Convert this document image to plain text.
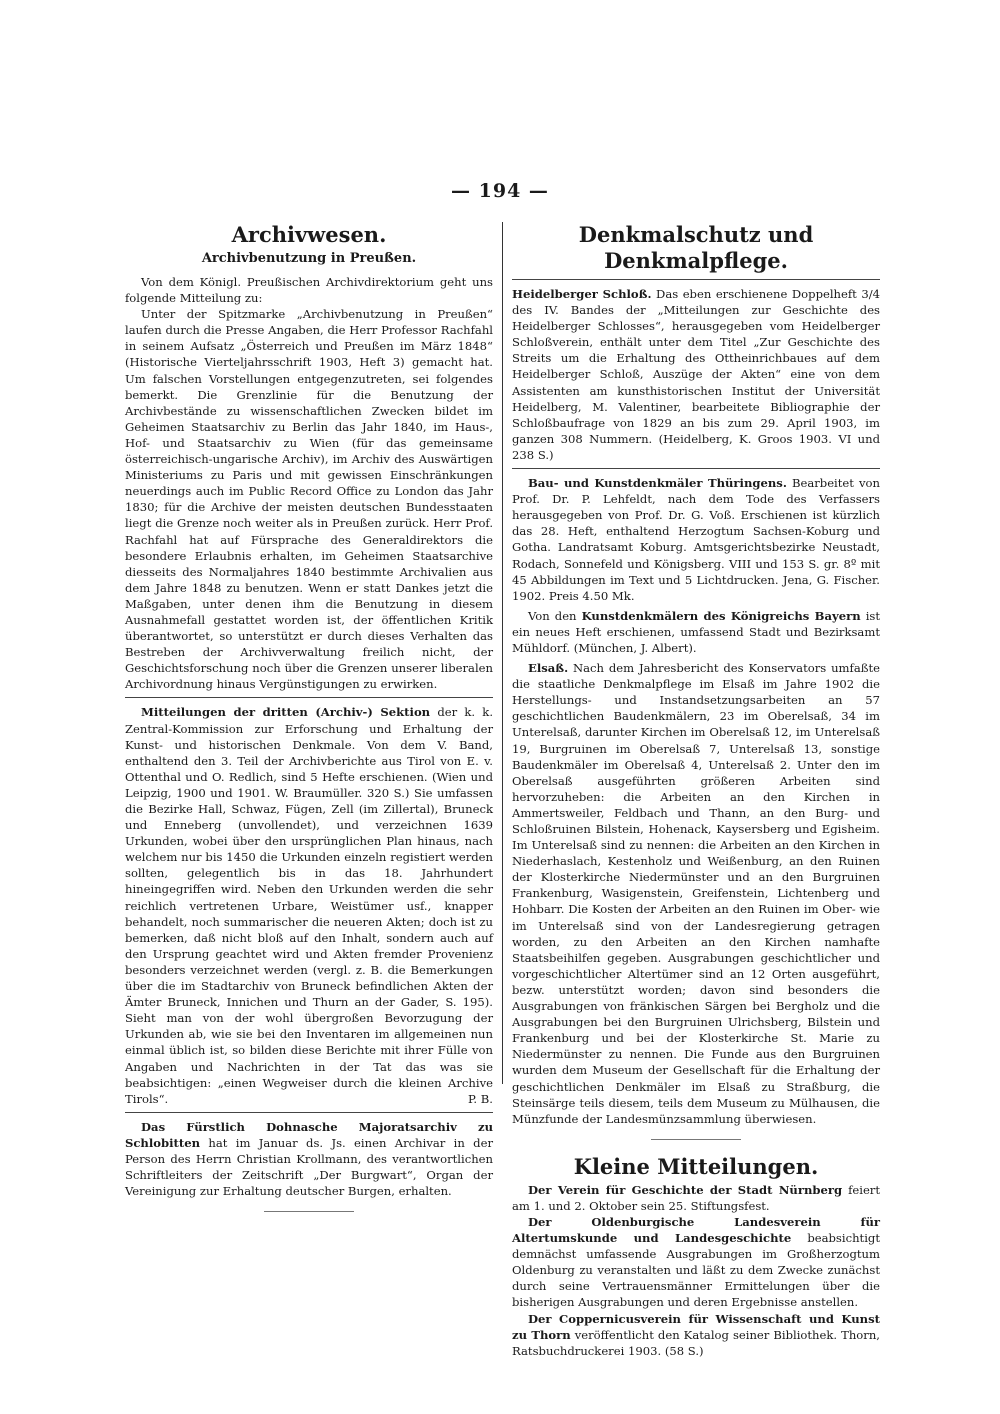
— 194 —
Archivwesen.
Archivbenutzung in Preußen.

Von dem Königl. Preußischen Archivdirektorium geht uns folgende Mitteilung zu:

Unter der Spitzmarke „Archivbenutzung in Preußen“ laufen durch die Presse Angaben, die Herr Professor Rachfahl in seinem Aufsatz „Österreich und Preußen im März 1848“ (Historische Vierteljahrsschrift 1903, Heft 3) gemacht hat. Um falschen Vorstellungen entgegenzutreten, sei folgendes bemerkt. Die Grenzlinie für die Benutzung der Archivbestände zu wissenschaftlichen Zwecken bildet im Geheimen Staatsarchiv zu Berlin das Jahr 1840, im Haus-, Hof- und Staatsarchiv zu Wien (für das gemeinsame österreichisch-ungarische Archiv), im Archiv des Auswärtigen Ministeriums zu Paris und mit gewissen Einschränkungen neuerdings auch im Public Record Office zu London das Jahr 1830; für die Archive der meisten deutschen Bundesstaaten liegt die Grenze noch weiter als in Preußen zurück. Herr Prof. Rachfahl hat auf Fürsprache des Generaldirektors die besondere Erlaubnis erhalten, im Geheimen Staatsarchive diesseits des Normaljahres 1840 bestimmte Archivalien aus dem Jahre 1848 zu benutzen. Wenn er statt Dankes jetzt die Maßgaben, unter denen ihm die Benutzung in diesem Ausnahmefall gestattet worden ist, der öffentlichen Kritik überantwortet, so unterstützt er durch dieses Verhalten das Bestreben der Archivverwaltung freilich nicht, der Geschichtsforschung noch über die Grenzen unserer liberalen Archivordnung hinaus Vergünstigungen zu erwirken.

Mitteilungen der dritten (Archiv-) Sektion der k. k. Zentral-Kommission zur Erforschung und Erhaltung der Kunst- und historischen Denkmale. Von dem V. Band, enthaltend den 3. Teil der Archivberichte aus Tirol von E. v. Ottenthal und O. Redlich, sind 5 Hefte erschienen. (Wien und Leipzig, 1900 und 1901. W. Braumüller. 320 S.) Sie umfassen die Bezirke Hall, Schwaz, Fügen, Zell (im Zillertal), Bruneck und Enneberg (unvollendet), und verzeichnen 1639 Urkunden, wobei über den ursprünglichen Plan hinaus, nach welchem nur bis 1450 die Urkunden einzeln registiert werden sollten, gelegentlich bis in das 18. Jahrhundert hineingegriffen wird. Neben den Urkunden werden die sehr reichlich vertretenen Urbare, Weistümer usf., knapper behandelt, noch summarischer die neueren Akten; doch ist zu bemerken, daß nicht bloß auf den Inhalt, sondern auch auf den Ursprung geachtet wird und Akten fremder Provenienz besonders verzeichnet werden (vergl. z. B. die Bemerkungen über die im Stadtarchiv von Bruneck befindlichen Akten der Ämter Bruneck, Innichen und Thurn an der Gader, S. 195). Sieht man von der wohl übergroßen Bevorzugung der Urkunden ab, wie sie bei den Inventaren im allgemeinen nun einmal üblich ist, so bilden diese Berichte mit ihrer Fülle von Angaben und Nachrichten in der Tat das was sie beabsichtigen: „einen Wegweiser durch die kleinen Archive Tirols“.	P. B.

Das Fürstlich Dohnasche Majoratsarchiv zu Schlobitten hat im Januar ds. Js. einen Archivar in der Person des Herrn Christian Krollmann, des verantwortlichen Schriftleiters der Zeitschrift „Der Burgwart“, Organ der Vereinigung zur Erhaltung deutscher Burgen, erhalten.

Denkmalschutz und Denkmalpflege.

Heidelberger Schloß. Das eben erschienene Doppelheft 3/4 des IV. Bandes der „Mitteilungen zur Geschichte des Heidelberger Schlosses“, herausgegeben vom Heidelberger Schloßverein, enthält unter dem Titel „Zur Geschichte des Streits um die Erhaltung des Ottheinrichbaues auf dem Heidelberger Schloß, Auszüge der Akten“ eine von dem Assistenten am kunsthistorischen Institut der Universität Heidelberg, M. Valentiner, bearbeitete Bibliographie der Schloßbaufrage von 1829 an bis zum 29. April 1903, im ganzen 308 Nummern. (Heidelberg, K. Groos 1903. VI und 238 S.)

Bau- und Kunstdenkmäler Thüringens. Bearbeitet von Prof. Dr. P. Lehfeldt, nach dem Tode des Verfassers herausgegeben von Prof. Dr. G. Voß. Erschienen ist kürzlich das 28. Heft, enthaltend Herzogtum Sachsen-Koburg und Gotha. Landratsamt Koburg. Amtsgerichtsbezirke Neustadt, Rodach, Sonnefeld und Königsberg. VIII und 153 S. gr. 8º mit 45 Abbildungen im Text und 5 Lichtdrucken. Jena, G. Fischer. 1902. Preis 4.50 Mk.

Von den Kunstdenkmälern des Königreichs Bayern ist ein neues Heft erschienen, umfassend Stadt und Bezirksamt Mühldorf. (München, J. Albert).

Elsaß. Nach dem Jahresbericht des Konservators umfaßte die staatliche Denkmalpflege im Elsaß im Jahre 1902 die Herstellungs- und Instandsetzungsarbeiten an 57 geschichtlichen Baudenkmälern, 23 im Oberelsaß, 34 im Unterelsaß, darunter Kirchen im Oberelsaß 12, im Unterelsaß 19, Burgruinen im Oberelsaß 7, Unterelsaß 13, sonstige Baudenkmäler im Oberelsaß 4, Unterelsaß 2. Unter den im Oberelsaß ausgeführten größeren Arbeiten sind hervorzuheben: die Arbeiten an den Kirchen in Ammertsweiler, Feldbach und Thann, an den Burg- und Schloßruinen Bilstein, Hohenack, Kaysersberg und Egisheim. Im Unterelsaß sind zu nennen: die Arbeiten an den Kirchen in Niederhaslach, Kestenholz und Weißenburg, an den Ruinen der Klosterkirche Niedermünster und an den Burgruinen Frankenburg, Wasigenstein, Greifenstein, Lichtenberg und Hohbarr. Die Kosten der Arbeiten an den Ruinen im Ober- wie im Unterelsaß sind von der Landesregierung getragen worden, zu den Arbeiten an den Kirchen namhafte Staatsbeihilfen gegeben. Ausgrabungen geschichtlicher und vorgeschichtlicher Altertümer sind an 12 Orten ausgeführt, bezw. unterstützt worden; davon sind besonders die Ausgrabungen von fränkischen Särgen bei Bergholz und die Ausgrabungen bei den Burgruinen Ulrichsberg, Bilstein und Frankenburg und bei der Klosterkirche St. Marie zu Niedermünster zu nennen. Die Funde aus den Burgruinen wurden dem Museum der Gesellschaft für die Erhaltung der geschichtlichen Denkmäler im Elsaß zu Straßburg, die Steinsärge teils diesem, teils dem Museum zu Mülhausen, die Münzfunde der Landesmünzsammlung überwiesen.

Kleine Mitteilungen.

Der Verein für Geschichte der Stadt Nürnberg feiert am 1. und 2. Oktober sein 25. Stiftungsfest.

Der Oldenburgische Landesverein für Altertumskunde und Landesgeschichte beabsichtigt demnächst umfassende Ausgrabungen im Großherzogtum Oldenburg zu veranstalten und läßt zu dem Zwecke zunächst durch seine Vertrauensmänner Ermittelungen über die bisherigen Ausgrabungen und deren Ergebnisse anstellen.

Der Coppernicusverein für Wissenschaft und Kunst zu Thorn veröffentlicht den Katalog seiner Bibliothek. Thorn, Ratsbuchdruckerei 1903. (58 S.)
